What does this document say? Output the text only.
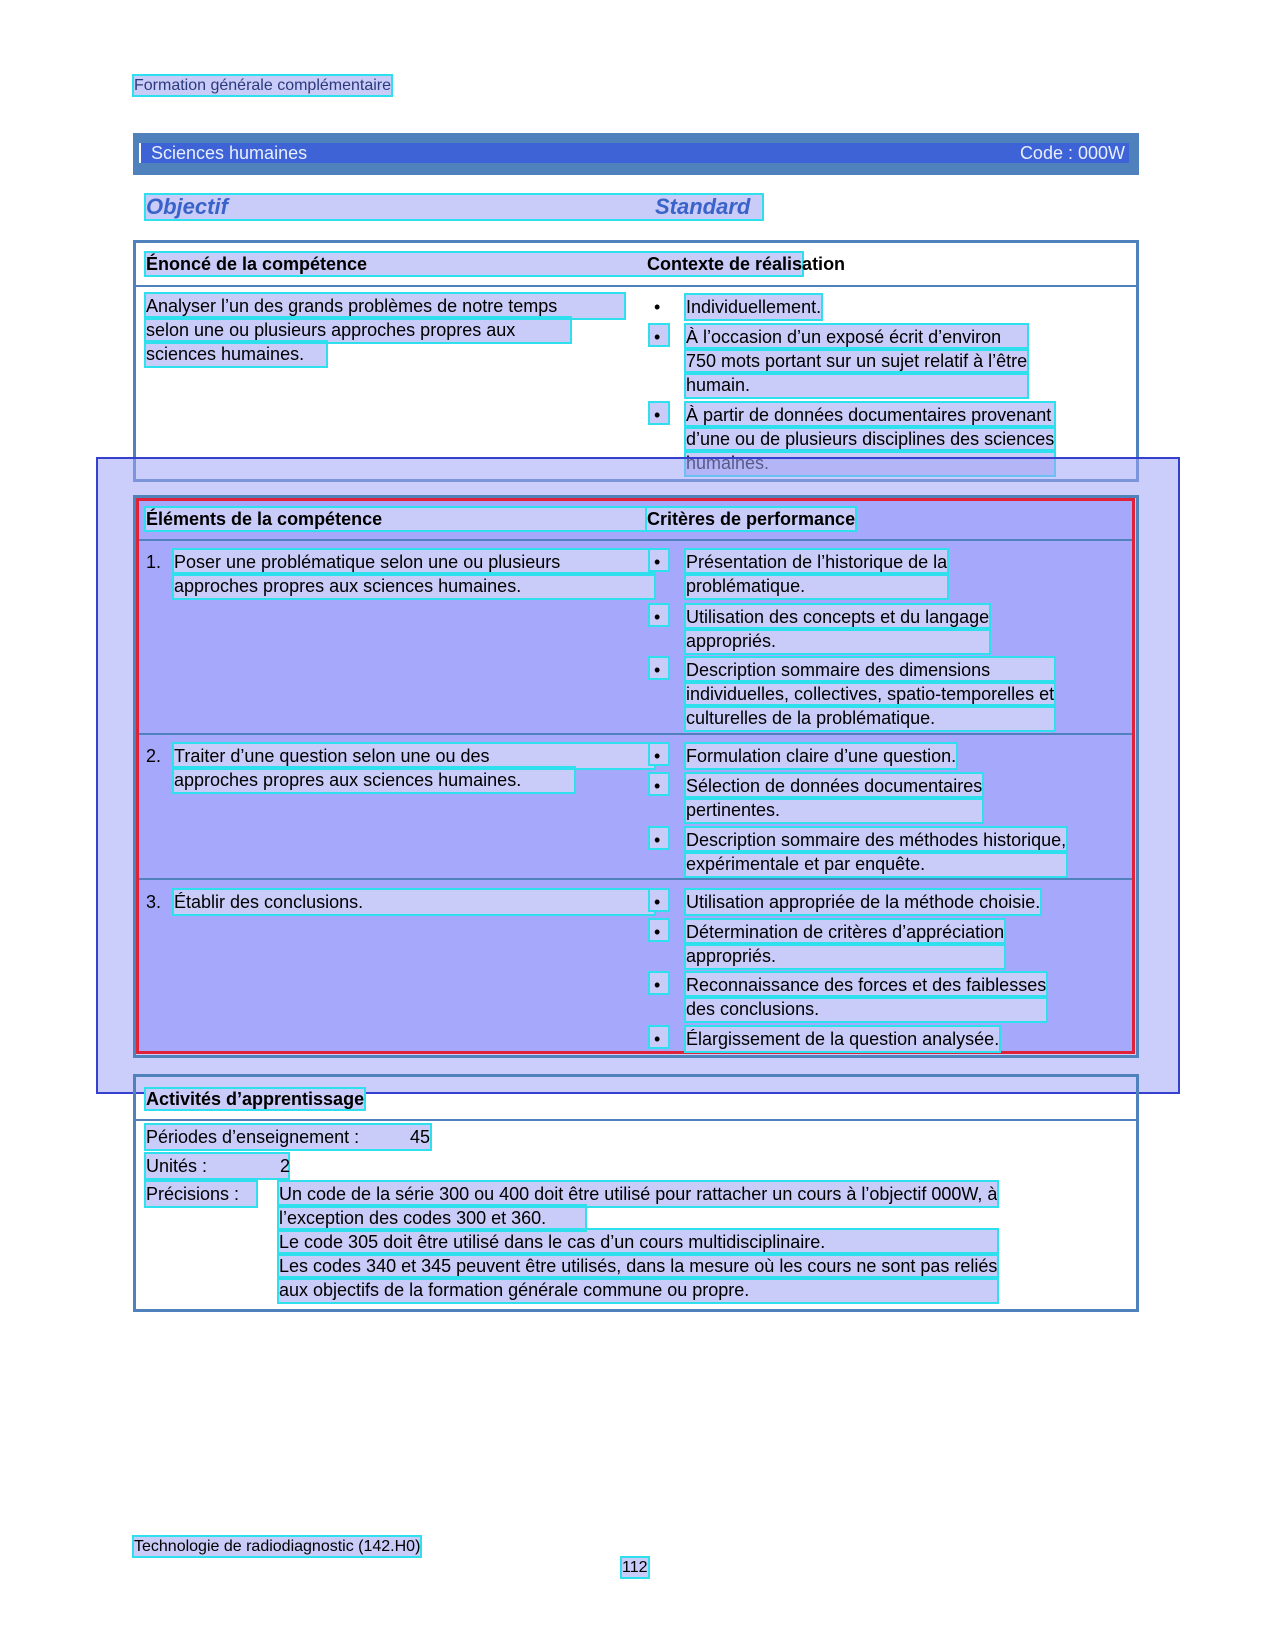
Formation générale complémentaire
Sciences humaines	Code : 000W
Objectif	Standard
Énoncé de la compétence	Contexte de réalisation
Analyser l’un des grands problèmes de notre temps
selon une ou plusieurs approches propres aux
sciences humaines.
•
Individuellement.
•
À l’occasion d’un exposé écrit d’environ
750 mots portant sur un sujet relatif à l’être
humain.
•
À partir de données documentaires provenant
d’une ou de plusieurs disciplines des sciences
Éléments de la compétence	Critères de performance
1. Poser une problématique selon une ou plusieurs
approches propres aux sciences humaines.
•
Présentation de l’historique de la
problématique.
•
Utilisation des concepts et du langage
appropriés.
•
Description sommaire des dimensions
individuelles, collectives, spatio-temporelles et
culturelles de la problématique.
2. Traiter d’une question selon une ou des
approches propres aux sciences humaines.
•
Formulation claire d’une question.
•
Sélection de données documentaires
pertinentes.
•
Description sommaire des méthodes historique,
expérimentale et par enquête.
3. Établir des conclusions.
•	Utilisation appropriée de la méthode choisie.
•
Détermination de critères d’appréciation
appropriés.
•
Reconnaissance des forces et des faiblesses
des conclusions.
•
Élargissement de la question analysée.
Activités d’apprentissage
Périodes d’enseignement :	45
Unités :	2
Précisions :	Un code de la série 300 ou 400 doit être utilisé pour rattacher un cours à l’objectif 000W, à
l’exception des codes 300 et 360.
Le code 305 doit être utilisé dans le cas d’un cours multidisciplinaire.
Les codes 340 et 345 peuvent être utilisés, dans la mesure où les cours ne sont pas reliés
aux objectifs de la formation générale commune ou propre.
Technologie de radiodiagnostic (142.H0)
112
